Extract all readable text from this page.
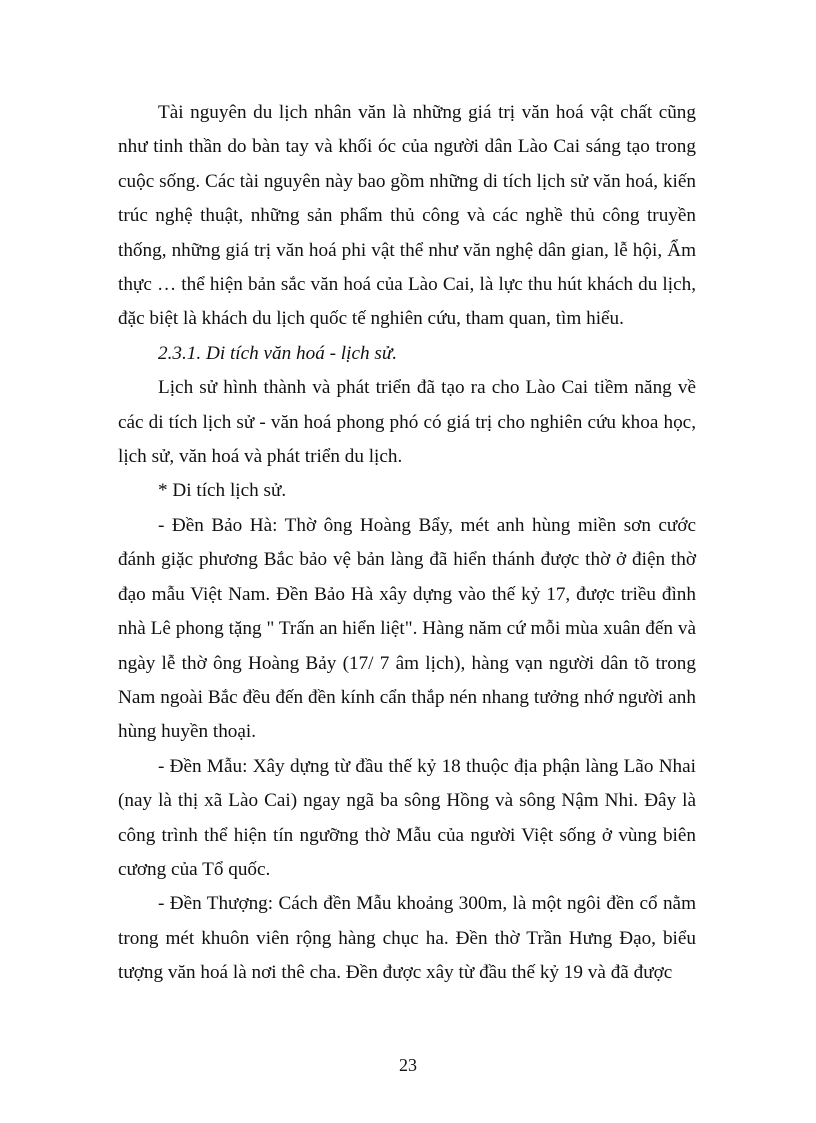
Tài nguyên du lịch nhân văn là những giá trị văn hoá vật chất cũng như tinh thần do bàn tay và khối óc của người dân Lào Cai sáng tạo trong cuộc sống. Các tài nguyên này bao gồm những di tích lịch sử văn hoá, kiến trúc nghệ thuật, những sản phẩm thủ công và các nghề thủ công truyền thống, những giá trị văn hoá phi vật thể như văn nghệ dân gian, lễ hội, Ẩm thực … thể hiện bản sắc văn hoá của Lào Cai, là lực thu hút khách du lịch, đặc biệt là khách du lịch quốc tế nghiên cứu, tham quan, tìm hiểu.

2.3.1. Di tích văn hoá - lịch sử.

Lịch sử hình thành và phát triển đã tạo ra cho Lào Cai tiềm năng về các di tích lịch sử - văn hoá phong phó có giá trị cho nghiên cứu khoa học, lịch sử, văn hoá và phát triển du lịch.

* Di tích lịch sử.

- Đền Bảo Hà: Thờ ông Hoàng Bẩy, mét anh hùng miền sơn cước đánh giặc phương Bắc bảo vệ bản làng đã hiển thánh được thờ ở điện thờ đạo mẫu Việt Nam. Đền Bảo Hà xây dựng vào thế kỷ 17, được triều đình nhà Lê phong tặng " Trấn an hiển liệt". Hàng năm cứ mỗi mùa xuân đến và ngày lễ thờ ông Hoàng Bảy (17/ 7 âm lịch), hàng vạn người dân tõ trong Nam ngoài Bắc đều đến đền kính cẩn thắp nén nhang tưởng nhớ người anh hùng huyền thoại.

- Đền Mẫu: Xây dựng từ đầu thế kỷ 18 thuộc địa phận làng Lão Nhai (nay là thị xã Lào Cai) ngay ngã ba sông Hồng và sông Nậm Nhi. Đây là công trình thể hiện tín ngưỡng thờ Mẫu của người Việt sống ở vùng biên cương của Tổ quốc.

- Đền Thượng: Cách đền Mẫu khoảng 300m, là một ngôi đền cổ nằm trong mét khuôn viên rộng hàng chục ha. Đền thờ Trần Hưng Đạo, biểu tượng văn hoá là nơi thê cha. Đền được xây từ đầu thế kỷ 19 và đã được

23
